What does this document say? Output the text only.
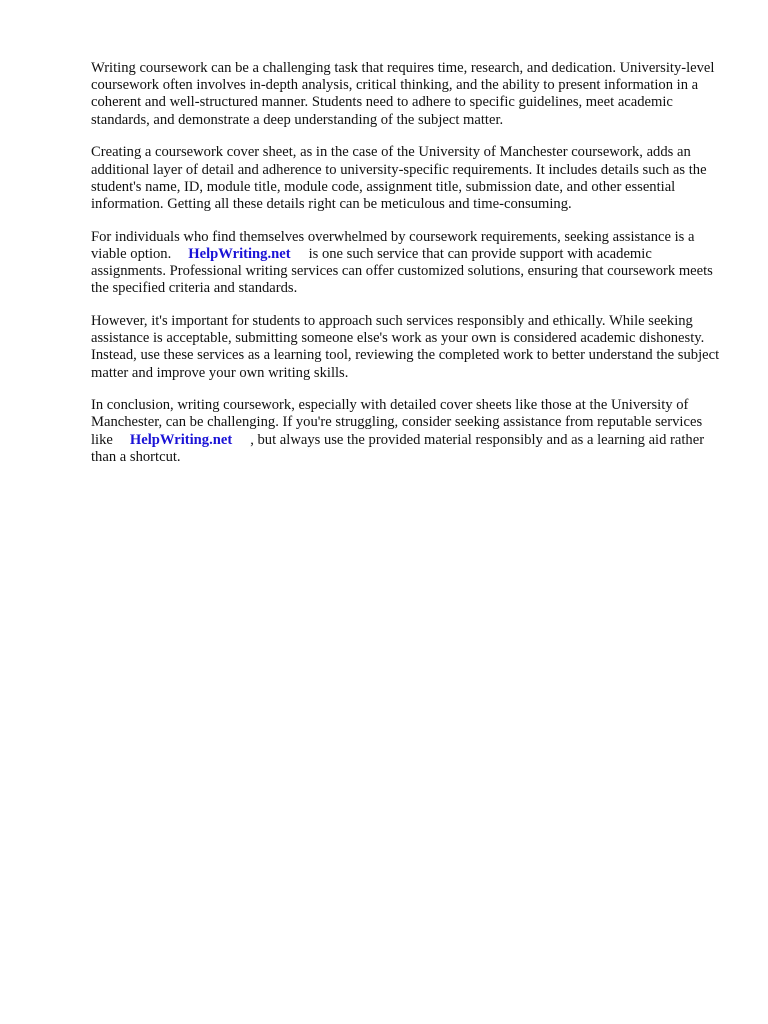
Writing coursework can be a challenging task that requires time, research, and dedication. University-level coursework often involves in-depth analysis, critical thinking, and the ability to present information in a coherent and well-structured manner. Students need to adhere to specific guidelines, meet academic standards, and demonstrate a deep understanding of the subject matter.

Creating a coursework cover sheet, as in the case of the University of Manchester coursework, adds an additional layer of detail and adherence to university-specific requirements. It includes details such as the student's name, ID, module title, module code, assignment title, submission date, and other essential information. Getting all these details right can be meticulous and time-consuming.

For individuals who find themselves overwhelmed by coursework requirements, seeking assistance is a viable option. HelpWriting.net is one such service that can provide support with academic assignments. Professional writing services can offer customized solutions, ensuring that coursework meets the specified criteria and standards.

However, it's important for students to approach such services responsibly and ethically. While seeking assistance is acceptable, submitting someone else's work as your own is considered academic dishonesty. Instead, use these services as a learning tool, reviewing the completed work to better understand the subject matter and improve your own writing skills.

In conclusion, writing coursework, especially with detailed cover sheets like those at the University of Manchester, can be challenging. If you're struggling, consider seeking assistance from reputable services like HelpWriting.net , but always use the provided material responsibly and as a learning aid rather than a shortcut.
